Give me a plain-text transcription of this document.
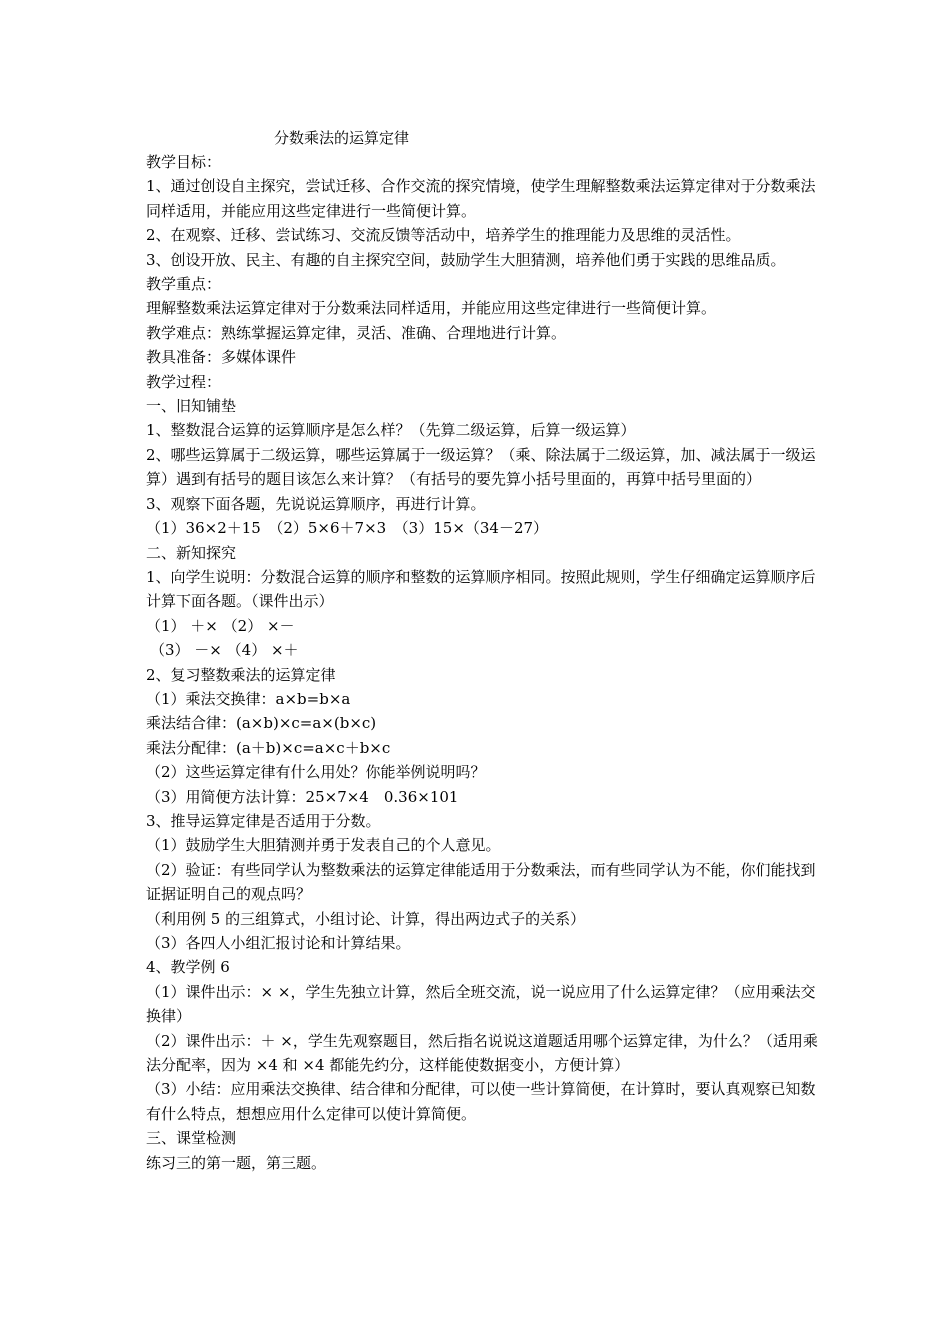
分数乘法的运算定律

教学目标：

1、通过创设自主探究，尝试迁移、合作交流的探究情境，使学生理解整数乘法运算定律对于分数乘法同样适用，并能应用这些定律进行一些简便计算。

2、在观察、迁移、尝试练习、交流反馈等活动中，培养学生的推理能力及思维的灵活性。

3、创设开放、民主、有趣的自主探究空间，鼓励学生大胆猜测，培养他们勇于实践的思维品质。

教学重点：

理解整数乘法运算定律对于分数乘法同样适用，并能应用这些定律进行一些简便计算。

教学难点：熟练掌握运算定律，灵活、准确、合理地进行计算。

教具准备：多媒体课件

教学过程：

一、旧知铺垫

1、整数混合运算的运算顺序是怎么样？（先算二级运算，后算一级运算）

2、哪些运算属于二级运算，哪些运算属于一级运算？（乘、除法属于二级运算，加、减法属于一级运算）遇到有括号的题目该怎么来计算？（有括号的要先算小括号里面的，再算中括号里面的）

3、观察下面各题，先说说运算顺序，再进行计算。

（1）36×2＋15　（2）5×6＋7×3　（3）15×（34－27）

二、新知探究

1、向学生说明：分数混合运算的顺序和整数的运算顺序相同。按照此规则，学生仔细确定运算顺序后计算下面各题。（课件出示）

（1） ＋× （2） ×－

（3） －× （4） ×＋

2、复习整数乘法的运算定律

（1）乘法交换律：a×b=b×a

乘法结合律：(a×b)×c=a×(b×c)

乘法分配律：(a＋b)×c=a×c＋b×c

（2）这些运算定律有什么用处？你能举例说明吗？

（3）用简便方法计算：25×7×4　0.36×101

3、推导运算定律是否适用于分数。

（1）鼓励学生大胆猜测并勇于发表自己的个人意见。

（2）验证：有些同学认为整数乘法的运算定律能适用于分数乘法，而有些同学认为不能，你们能找到证据证明自己的观点吗？

（利用例 5 的三组算式，小组讨论、计算，得出两边式子的关系）

（3）各四人小组汇报讨论和计算结果。

4、教学例 6

（1）课件出示：× ×，学生先独立计算，然后全班交流，说一说应用了什么运算定律？（应用乘法交换律）

（2）课件出示：＋ ×，学生先观察题目，然后指名说说这道题适用哪个运算定律，为什么？（适用乘法分配率，因为 ×4 和 ×4 都能先约分，这样能使数据变小，方便计算）

（3）小结：应用乘法交换律、结合律和分配律，可以使一些计算简便，在计算时，要认真观察已知数有什么特点，想想应用什么定律可以使计算简便。

三、课堂检测

练习三的第一题，第三题。
